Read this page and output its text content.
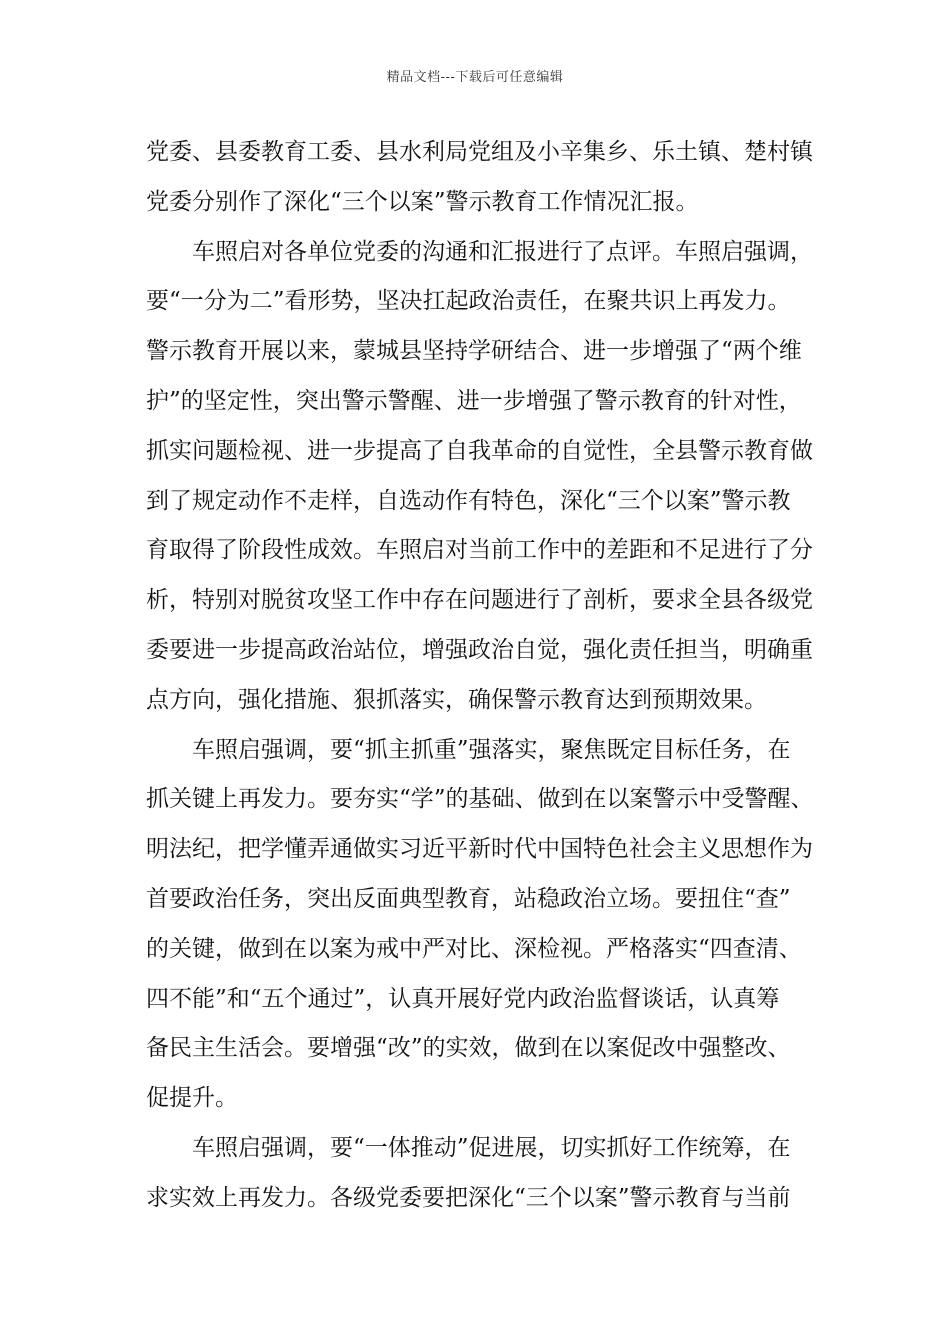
精品文档---下载后可任意编辑
党委、县委教育工委、县水利局党组及小辛集乡、乐土镇、楚村镇
党委分别作了深化“三个以案”警示教育工作情况汇报。
车照启对各单位党委的沟通和汇报进行了点评。车照启强调，
要“一分为二”看形势，坚决扛起政治责任，在聚共识上再发力。
警示教育开展以来，蒙城县坚持学研结合、进一步增强了“两个维
护”的坚定性，突出警示警醒、进一步增强了警示教育的针对性，
抓实问题检视、进一步提高了自我革命的自觉性，全县警示教育做
到了规定动作不走样，自选动作有特色，深化“三个以案”警示教
育取得了阶段性成效。车照启对当前工作中的差距和不足进行了分
析，特别对脱贫攻坚工作中存在问题进行了剖析，要求全县各级党
委要进一步提高政治站位，增强政治自觉，强化责任担当，明确重
点方向，强化措施、狠抓落实，确保警示教育达到预期效果。
车照启强调，要“抓主抓重”强落实，聚焦既定目标任务，在
抓关键上再发力。要夯实“学”的基础、做到在以案警示中受警醒、
明法纪，把学懂弄通做实习近平新时代中国特色社会主义思想作为
首要政治任务，突出反面典型教育，站稳政治立场。要扭住“查”
的关键，做到在以案为戒中严对比、深检视。严格落实“四查清、
四不能”和“五个通过”，认真开展好党内政治监督谈话，认真筹
备民主生活会。要增强“改”的实效，做到在以案促改中强整改、
促提升。
车照启强调，要“一体推动”促进展，切实抓好工作统筹，在
求实效上再发力。各级党委要把深化“三个以案”警示教育与当前
